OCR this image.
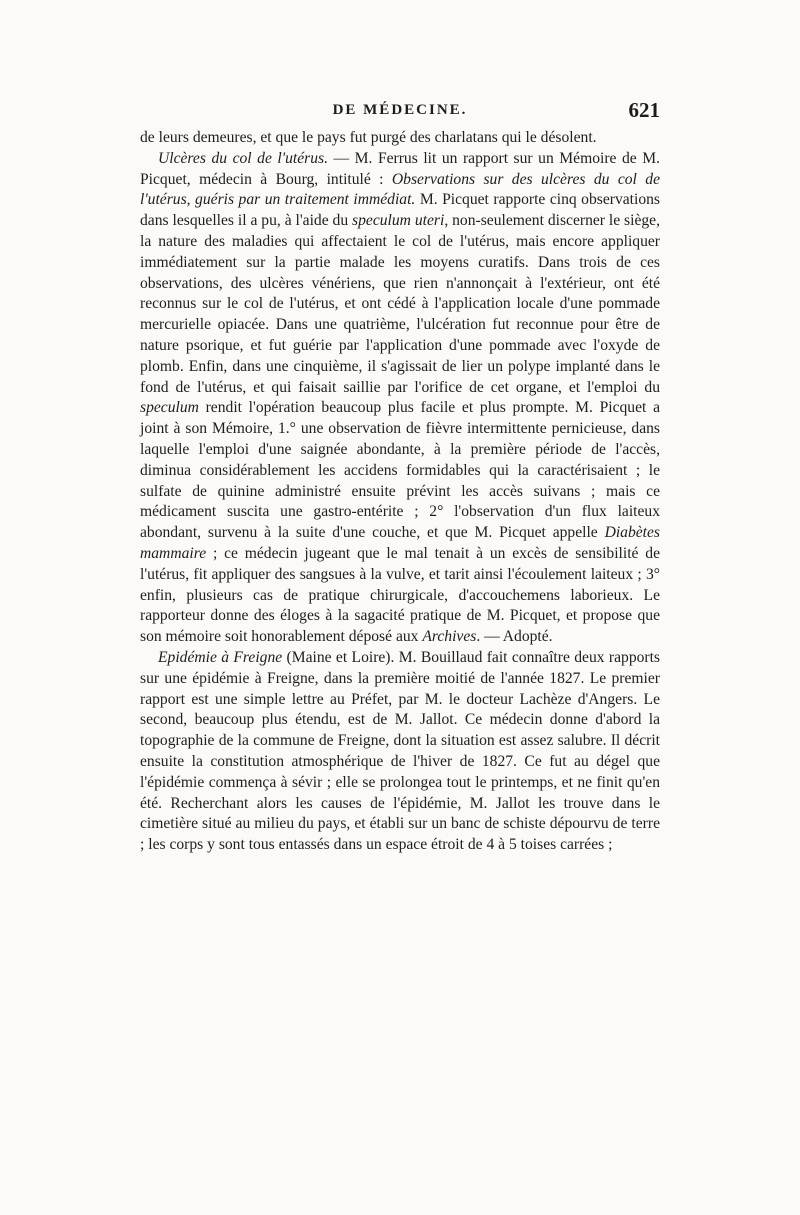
DE MÉDECINE.	621

de leurs demeures, et que le pays fut purgé des charlatans qui le désolent.

Ulcères du col de l'utérus. — M. Ferrus lit un rapport sur un Mémoire de M. Picquet, médecin à Bourg, intitulé : Observations sur des ulcères du col de l'utérus, guéris par un traitement immédiat. M. Picquet rapporte cinq observations dans lesquelles il a pu, à l'aide du speculum uteri, non-seulement discerner le siège, la nature des maladies qui affectaient le col de l'utérus, mais encore appliquer immédiatement sur la partie malade les moyens curatifs. Dans trois de ces observations, des ulcères vénériens, que rien n'annonçait à l'extérieur, ont été reconnus sur le col de l'utérus, et ont cédé à l'application locale d'une pommade mercurielle opiacée. Dans une quatrième, l'ulcération fut reconnue pour être de nature psorique, et fut guérie par l'application d'une pommade avec l'oxyde de plomb. Enfin, dans une cinquième, il s'agissait de lier un polype implanté dans le fond de l'utérus, et qui faisait saillie par l'orifice de cet organe, et l'emploi du speculum rendit l'opération beaucoup plus facile et plus prompte. M. Picquet a joint à son Mémoire, 1.° une observation de fièvre intermittente pernicieuse, dans laquelle l'emploi d'une saignée abondante, à la première période de l'accès, diminua considérablement les accidens formidables qui la caractérisaient ; le sulfate de quinine administré ensuite prévint les accès suivans ; mais ce médicament suscita une gastro-entérite ; 2° l'observation d'un flux laiteux abondant, survenu à la suite d'une couche, et que M. Picquet appelle Diabètes mammaire ; ce médecin jugeant que le mal tenait à un excès de sensibilité de l'utérus, fit appliquer des sangsues à la vulve, et tarit ainsi l'écoulement laiteux ; 3° enfin, plusieurs cas de pratique chirurgicale, d'accouchemens laborieux. Le rapporteur donne des éloges à la sagacité pratique de M. Picquet, et propose que son mémoire soit honorablement déposé aux Archives. — Adopté.

Epidémie à Freigne (Maine et Loire). M. Bouillaud fait connaître deux rapports sur une épidémie à Freigne, dans la première moitié de l'année 1827. Le premier rapport est une simple lettre au Préfet, par M. le docteur Lachèze d'Angers. Le second, beaucoup plus étendu, est de M. Jallot. Ce médecin donne d'abord la topographie de la commune de Freigne, dont la situation est assez salubre. Il décrit ensuite la constitution atmosphérique de l'hiver de 1827. Ce fut au dégel que l'épidémie commença à sévir ; elle se prolongea tout le printemps, et ne finit qu'en été. Recherchant alors les causes de l'épidémie, M. Jallot les trouve dans le cimetière situé au milieu du pays, et établi sur un banc de schiste dépourvu de terre ; les corps y sont tous entassés dans un espace étroit de 4 à 5 toises carrées ;
